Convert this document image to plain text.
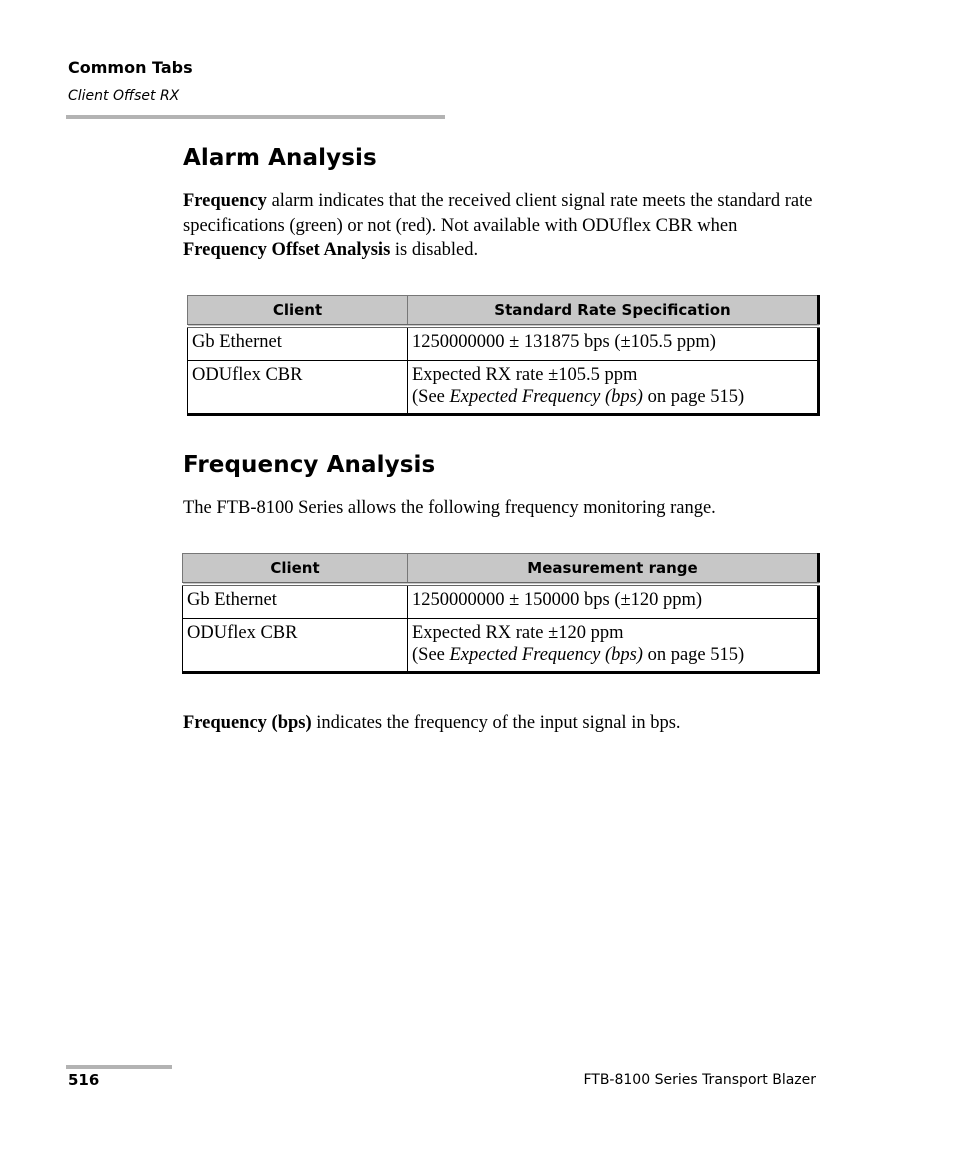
Common Tabs
Client Offset RX
Alarm Analysis
Frequency alarm indicates that the received client signal rate meets the standard rate specifications (green) or not (red). Not available with ODUflex CBR when Frequency Offset Analysis is disabled.
Client	Standard Rate Specification
Gb Ethernet	1250000000 ± 131875 bps (±105.5 ppm)
ODUflex CBR	Expected RX rate ±105.5 ppm
(See Expected Frequency (bps) on page 515)
Frequency Analysis
The FTB-8100 Series allows the following frequency monitoring range.
Client	Measurement range
Gb Ethernet	1250000000 ± 150000 bps (±120 ppm)
ODUflex CBR	Expected RX rate ±120 ppm
(See Expected Frequency (bps) on page 515)
Frequency (bps) indicates the frequency of the input signal in bps.
516	FTB-8100 Series Transport Blazer
